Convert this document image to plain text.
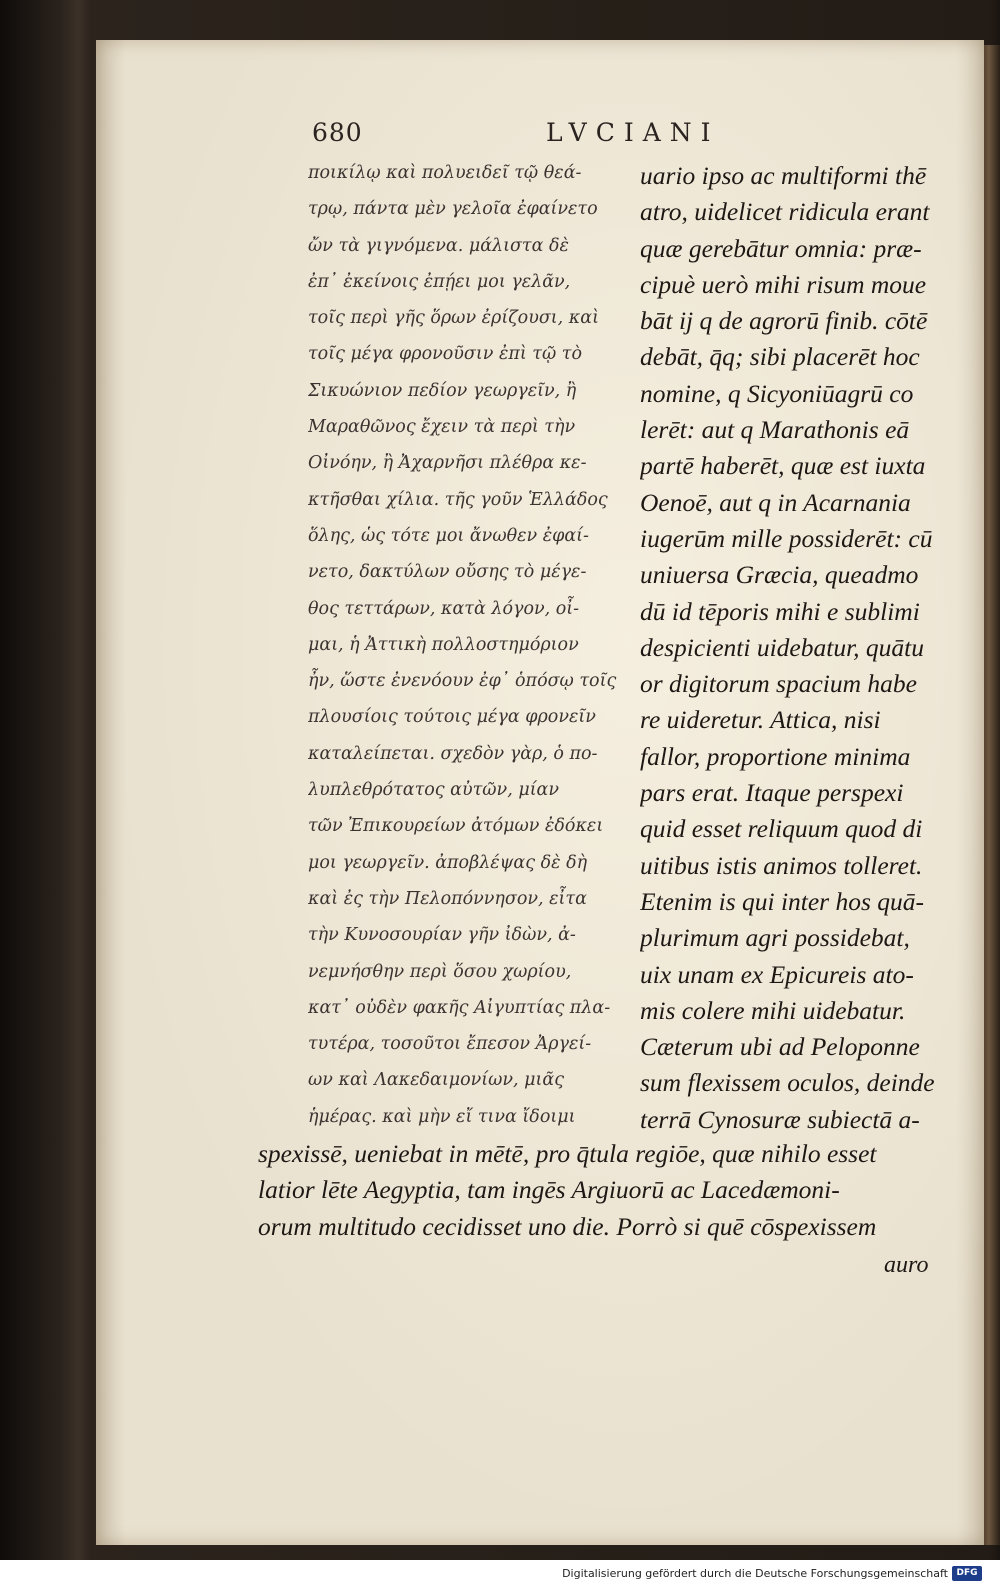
680	LVCIANI
ποικίλῳ καὶ πολυειδεῖ τῷ θεά-
τρῳ, πάντα μὲν γελοῖα ἐφαίνετο
ὤν τὰ γιγνόμενα. μάλιστα δὲ
ἐπ᾽ ἐκείνοις ἐπῄει μοι γελᾶν,
τοῖς περὶ γῆς ὅρων ἐρίζουσι, καὶ
τοῖς μέγα φρονοῦσιν ἐπὶ τῷ τὸ
Σικυώνιον πεδίον γεωργεῖν, ἢ
Μαραθῶνος ἔχειν τὰ περὶ τὴν
Οἰνόην, ἢ Ἀχαρνῆσι πλέθρα κε-
κτῆσθαι χίλια. τῆς γοῦν Ἑλλάδος
ὅλης, ὡς τότε μοι ἄνωθεν ἐφαί-
νετο, δακτύλων οὔσης τὸ μέγε-
θος τεττάρων, κατὰ λόγον, οἶ-
μαι, ἡ Ἀττικὴ πολλοστημόριον
ἦν, ὥστε ἐνενόουν ἐφ᾽ ὁπόσῳ τοῖς
πλουσίοις τούτοις μέγα φρονεῖν
καταλείπεται. σχεδὸν γὰρ, ὁ πο-
λυπλεθρότατος αὐτῶν, μίαν
τῶν Ἐπικουρείων ἀτόμων ἐδόκει
μοι γεωργεῖν. ἀποβλέψας δὲ δὴ
καὶ ἐς τὴν Πελοπόννησον, εἶτα
τὴν Κυνοσουρίαν γῆν ἰδὼν, ἀ-
νεμνήσθην περὶ ὅσου χωρίου,
κατ᾽ οὐδὲν φακῆς Αἰγυπτίας πλα-
τυτέρα, τοσοῦτοι ἔπεσον Ἀργεί-
ων καὶ Λακεδαιμονίων, μιᾶς
ἡμέρας. καὶ μὴν εἴ τινα ἴδοιμι
uario ipso ac multiformi thē
atro, uidelicet ridicula erant
quæ gerebātur omnia: præ-
cipuè uerò mihi risum moue
bāt ij q de agrorū finib. cōtē
debāt, q̄q; sibi placerēt hoc
nomine, q Sicyoniūagrū co
lerēt: aut q Marathonis eā
partē haberēt, quæ est iuxta
Oenoē, aut q in Acarnania
iugerūm mille possiderēt: cū
uniuersa Græcia, queadmo
dū id tēporis mihi e sublimi
despicienti uidebatur, quātu
or digitorum spacium habe
re uideretur. Attica, nisi
fallor, proportione minima
pars erat. Itaque perspexi
quid esset reliquum quod di
uitibus istis animos tolleret.
Etenim is qui inter hos quā-
plurimum agri possidebat,
uix unam ex Epicureis ato-
mis colere mihi uidebatur.
Cæterum ubi ad Peloponne
sum flexissem oculos, deinde
terrā Cynosuræ subiectā a-
spexissē, ueniebat in mētē, pro q̄tula regiōe, quæ nihilo esset
latior lēte Aegyptia, tam ingēs Argiuorū ac Lacedæmoni-
orum multitudo cecidisset uno die. Porrò si quē cōspexissem
auro
Digitalisierung gefördert durch die Deutsche Forschungsgemeinschaft DFG
